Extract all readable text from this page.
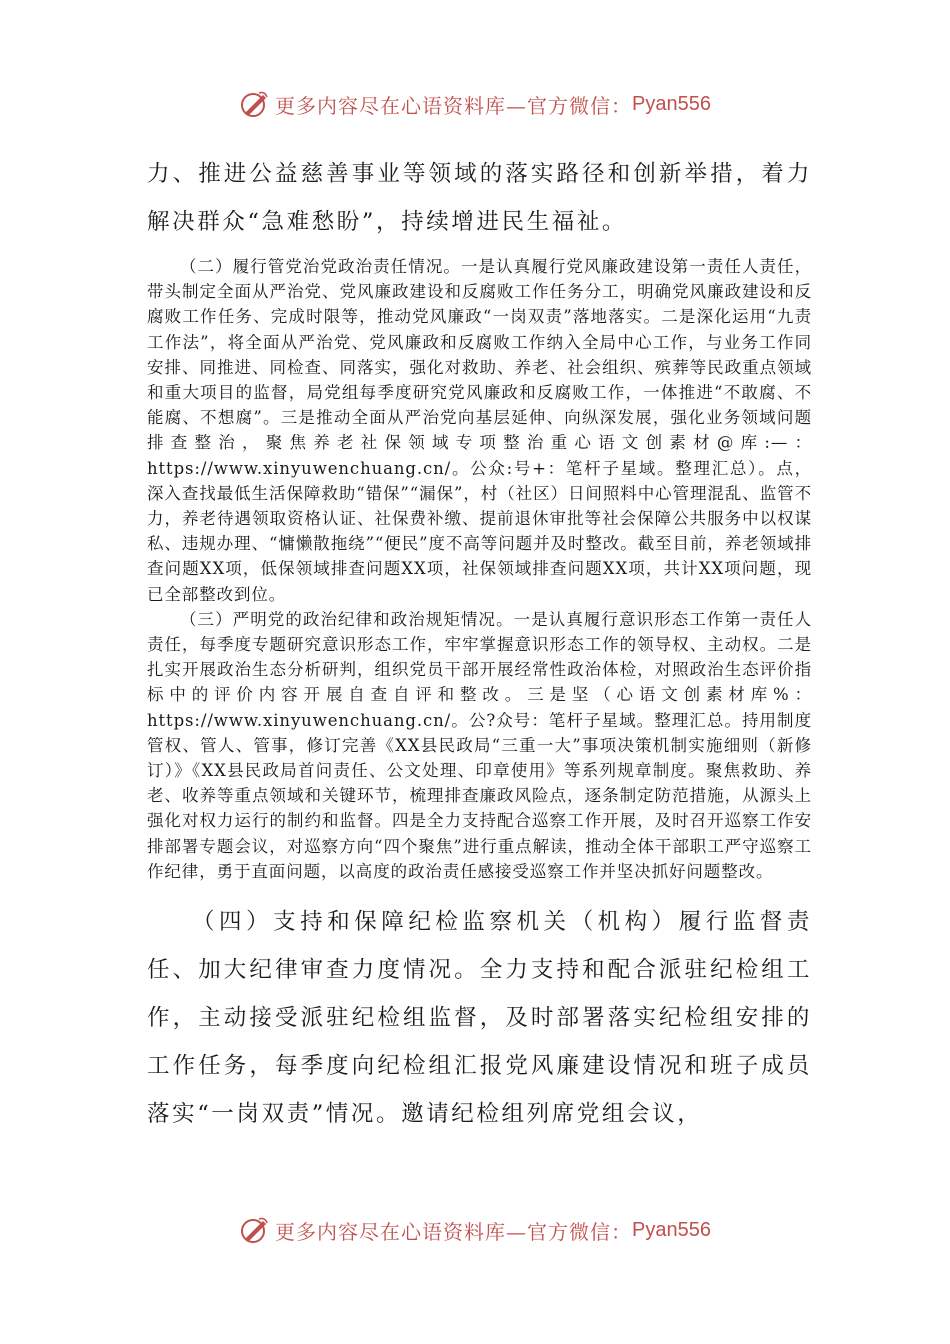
更多内容尽在心语资料库—官方微信： Pyan556

力、推进公益慈善事业等领域的落实路径和创新举措，着力解决群众“急难愁盼”，持续增进民生福祉。

（二）履行管党治党政治责任情况。一是认真履行党风廉政建设第一责任人责任，带头制定全面从严治党、党风廉政建设和反腐败工作任务分工，明确党风廉政建设和反腐败工作任务、完成时限等，推动党风廉政“一岗双责”落地落实。二是深化运用“九责工作法”，将全面从严治党、党风廉政和反腐败工作纳入全局中心工作，与业务工作同安排、同推进、同检查、同落实，强化对救助、养老、社会组织、殡葬等民政重点领域和重大项目的监督，局党组每季度研究党风廉政和反腐败工作，一体推进“不敢腐、不能腐、不想腐”。三是推动全面从严治党向基层延伸、向纵深发展，强化业务领域问题排查整治，聚焦养老社保领域专项整治重心语文创素材@库:—：https://www.xinyuwenchuang.cn/。公众:号+：笔杆子星域。整理汇总）。点，深入查找最低生活保障救助“错保”“漏保”，村（社区）日间照料中心管理混乱、监管不力，养老待遇领取资格认证、社保费补缴、提前退休审批等社会保障公共服务中以权谋私、违规办理、“慵懒散拖绕”“便民”度不高等问题并及时整改。截至目前，养老领域排查问题XX项，低保领域排查问题XX项，社保领域排查问题XX项，共计XX项问题，现已全部整改到位。

（三）严明党的政治纪律和政治规矩情况。一是认真履行意识形态工作第一责任人责任，每季度专题研究意识形态工作，牢牢掌握意识形态工作的领导权、主动权。二是扎实开展政治生态分析研判，组织党员干部开展经常性政治体检，对照政治生态评价指标中的评价内容开展自查自评和整改。三是坚（心语文创素材库%：https://www.xinyuwenchuang.cn/。公?众号：笔杆子星域。整理汇总。持用制度管权、管人、管事，修订完善《XX县民政局“三重一大”事项决策机制实施细则（新修订）》《XX县民政局首问责任、公文处理、印章使用》等系列规章制度。聚焦救助、养老、收养等重点领域和关键环节，梳理排查廉政风险点，逐条制定防范措施，从源头上强化对权力运行的制约和监督。四是全力支持配合巡察工作开展，及时召开巡察工作安排部署专题会议，对巡察方向“四个聚焦”进行重点解读，推动全体干部职工严守巡察工作纪律，勇于直面问题，以高度的政治责任感接受巡察工作并坚决抓好问题整改。

（四）支持和保障纪检监察机关（机构）履行监督责任、加大纪律审查力度情况。全力支持和配合派驻纪检组工作，主动接受派驻纪检组监督，及时部署落实纪检组安排的工作任务，每季度向纪检组汇报党风廉建设情况和班子成员落实“一岗双责”情况。邀请纪检组列席党组会议，

更多内容尽在心语资料库—官方微信： Pyan556
